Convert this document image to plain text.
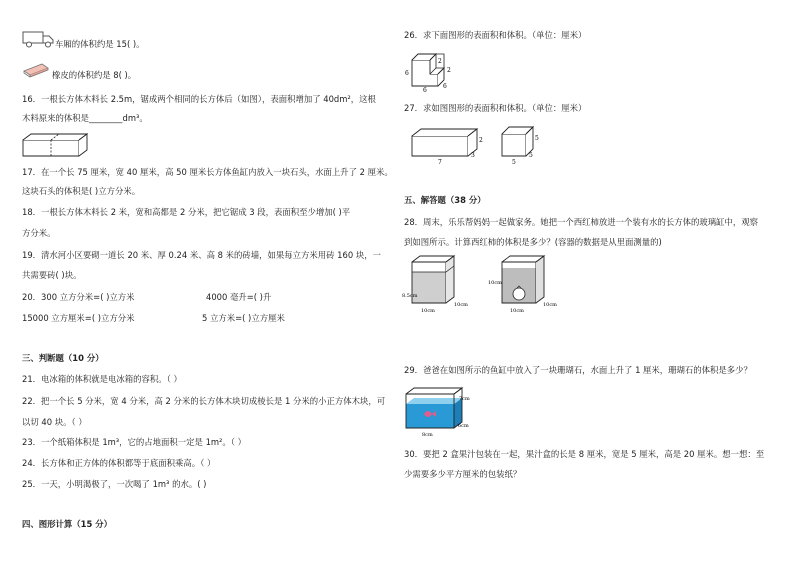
车厢的体积约是 15( )。
橡皮的体积约是 8( )。
16．一根长方体木料长 2.5m，锯成两个相同的长方体后（如图），表面积增加了 40dm²，这根
木料原来的体积是________dm³。
17．在一个长 75 厘米，宽 40 厘米，高 50 厘米长方体鱼缸内放入一块石头，水面上升了 2 厘米。
这块石头的体积是( )立方分米。
18．一根长方体木料长 2 米，宽和高都是 2 分米，把它锯成 3 段，表面积至少增加( )平
方分米。
19．清水河小区要砌一道长 20 米、厚 0.24 米、高 8 米的砖墙，如果每立方米用砖 160 块，一
共需要砖( )块。
20．300 立方分米=( )立方米	4000 毫升=( )升
15000 立方厘米=( )立方分米	5 立方米=( )立方厘米
三、判断题（10 分）
21．电冰箱的体积就是电冰箱的容积。（ ）
22．把一个长 5 分米，宽 4 分米，高 2 分米的长方体木块切成棱长是 1 分米的小正方体木块，可
以切 40 块。（ ）
23．一个纸箱体积是 1m³，它的占地面积一定是 1m²。（ ）
24．长方体和正方体的体积都等于底面积乘高。（ ）
25．一天，小明渴极了，一次喝了 1m³ 的水。( )
四、图形计算（15 分）
26．求下面图形的表面积和体积。（单位：厘米）
2
2
6
6
6
27．求如图图形的表面积和体积。（单位：厘米）
7
3
2
5
5
5
五、解答题（38 分）
28．周末，乐乐帮妈妈一起做家务。她把一个西红柿放进一个装有水的长方体的玻璃缸中，观察
到如图所示。计算西红柿的体积是多少？(容器的数据是从里面测量的)
8.5cm
10cm
10cm
10cm
10cm
10cm
29．爸爸在如图所示的鱼缸中放入了一块珊瑚石，水面上升了 1 厘米，珊瑚石的体积是多少？
7cm
6cm
8cm
30．要把 2 盒果汁包装在一起，果汁盒的长是 8 厘米，宽是 5 厘米，高是 20 厘米。想一想：至
少需要多少平方厘米的包装纸？
